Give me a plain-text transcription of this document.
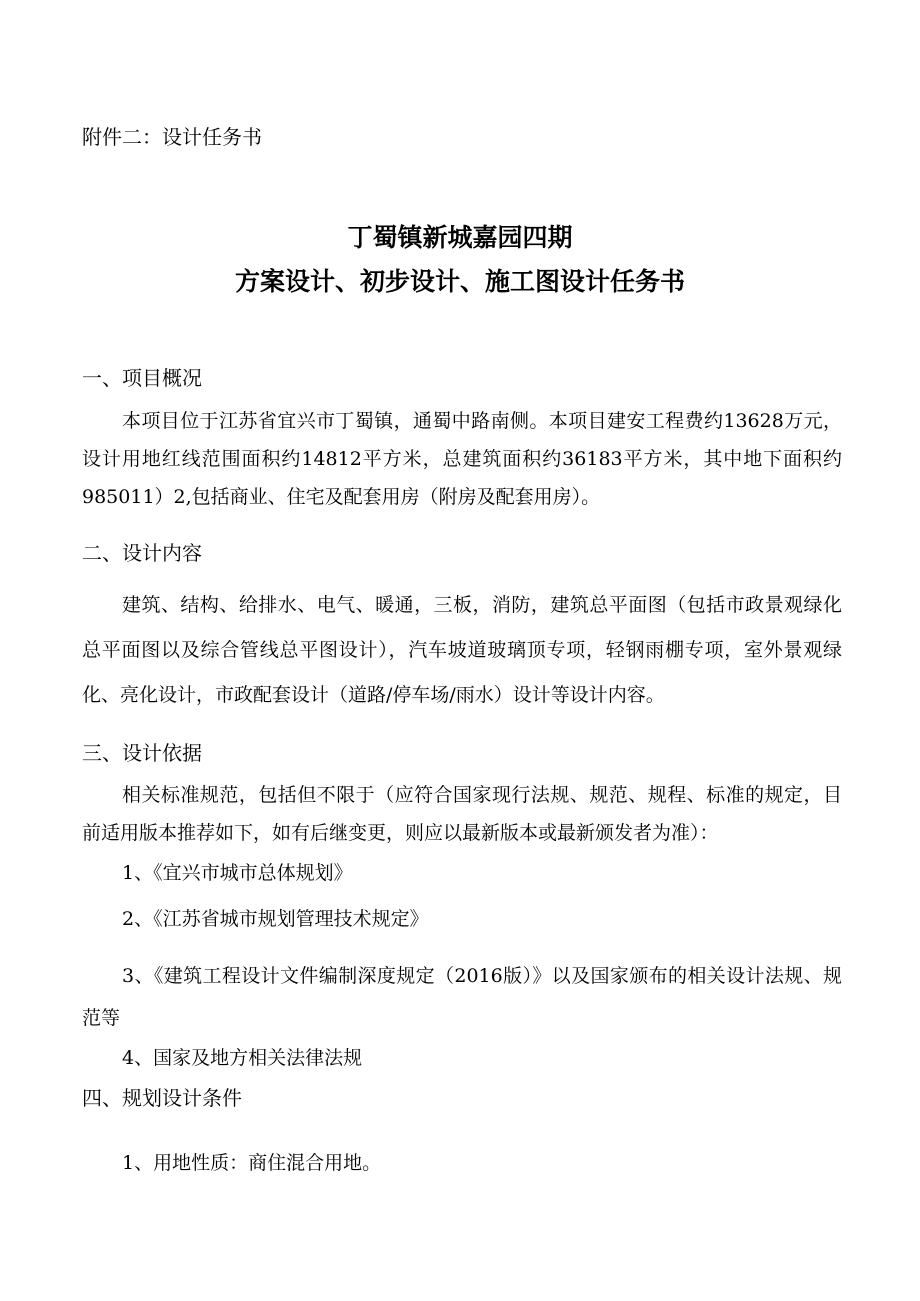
附件二：设计任务书
丁蜀镇新城嘉园四期
方案设计、初步设计、施工图设计任务书
一、项目概况
本项目位于江苏省宜兴市丁蜀镇，通蜀中路南侧。本项目建安工程费约13628万元，设计用地红线范围面积约14812平方米，总建筑面积约36183平方米，其中地下面积约985011）2,包括商业、住宅及配套用房（附房及配套用房）。
二、设计内容
建筑、结构、给排水、电气、暖通，三板，消防，建筑总平面图（包括市政景观绿化总平面图以及综合管线总平图设计），汽车坡道玻璃顶专项，轻钢雨棚专项，室外景观绿化、亮化设计，市政配套设计（道路/停车场/雨水）设计等设计内容。
三、设计依据
相关标准规范，包括但不限于（应符合国家现行法规、规范、规程、标准的规定，目前适用版本推荐如下，如有后继变更，则应以最新版本或最新颁发者为准）：
1、《宜兴市城市总体规划》
2、《江苏省城市规划管理技术规定》
3、《建筑工程设计文件编制深度规定（2016版）》以及国家颁布的相关设计法规、规范等
4、国家及地方相关法律法规
四、规划设计条件
1、用地性质：商住混合用地。
